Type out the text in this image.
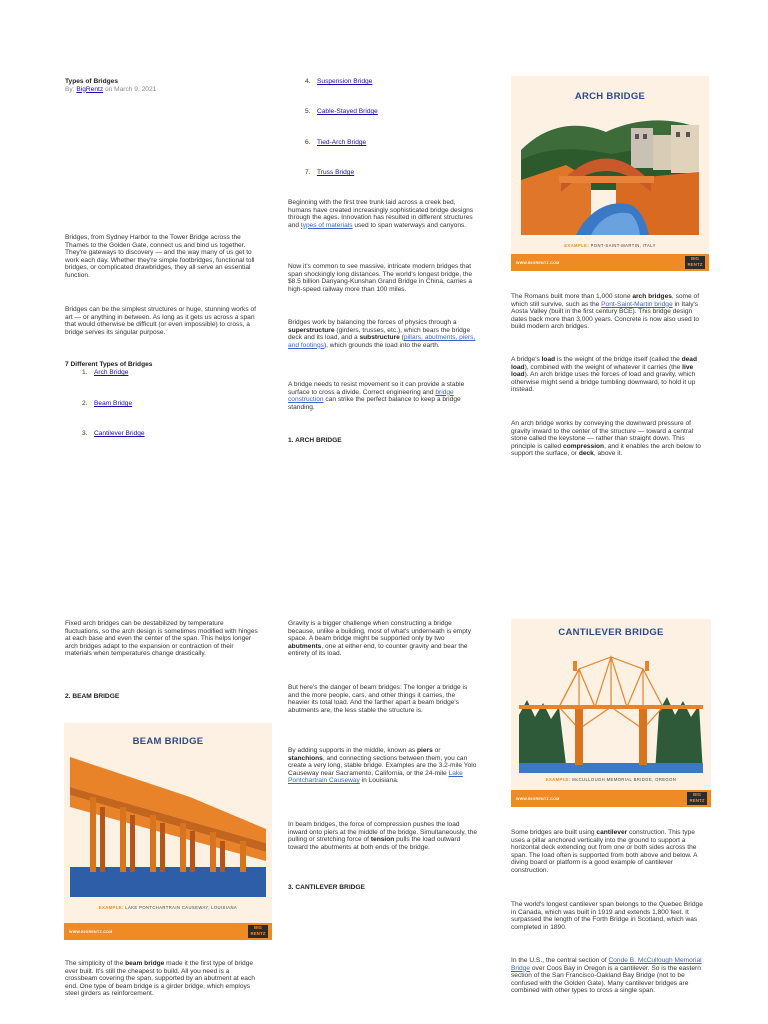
Types of Bridges

By: BigRentz on March 9, 2021

Bridges, from Sydney Harbor to the Tower Bridge across the Thames to the Golden Gate, connect us and bind us together. They're gateways to discovery — and the way many of us get to work each day. Whether they're simple footbridges, functional toll bridges, or complicated drawbridges, they all serve an essential function.

Bridges can be the simplest structures or huge, stunning works of art — or anything in between. As long as it gets us across a span that would otherwise be difficult (or even impossible) to cross, a bridge serves its singular purpose.

7 Different Types of Bridges

1. Arch Bridge
2. Beam Bridge
3. Cantilever Bridge
4. Suspension Bridge
5. Cable-Stayed Bridge
6. Tied-Arch Bridge
7. Truss Bridge

Beginning with the first tree trunk laid across a creek bed, humans have created increasingly sophisticated bridge designs through the ages. Innovation has resulted in different structures and types of materials used to span waterways and canyons.

Now it's common to see massive, intricate modern bridges that span shockingly long distances. The world's longest bridge, the $8.5 billion Danyang-Kunshan Grand Bridge in China, carries a high-speed railway more than 100 miles.

Bridges work by balancing the forces of physics through a superstructure (girders, trusses, etc.), which bears the bridge deck and its load, and a substructure (pillars, abutments, piers, and footings), which grounds the load into the earth.

A bridge needs to resist movement so it can provide a stable surface to cross a divide. Correct engineering and bridge construction can strike the perfect balance to keep a bridge standing.

1. ARCH BRIDGE

ARCH BRIDGE
EXAMPLE: PONT-SAINT-MARTIN, ITALY
WWW.BIGRENTZ.COM
BIG RENTZ

The Romans built more than 1,000 stone arch bridges, some of which still survive, such as the Pont-Saint-Martin bridge in Italy's Aosta Valley (built in the first century BCE). This bridge design dates back more than 3,000 years. Concrete is now also used to build modern arch bridges.

A bridge's load is the weight of the bridge itself (called the dead load), combined with the weight of whatever it carries (the live load). An arch bridge uses the forces of load and gravity, which otherwise might send a bridge tumbling downward, to hold it up instead.

An arch bridge works by conveying the downward pressure of gravity inward to the center of the structure — toward a central stone called the keystone — rather than straight down. This principle is called compression, and it enables the arch below to support the surface, or deck, above it.

Fixed arch bridges can be destabilized by temperature fluctuations, so the arch design is sometimes modified with hinges at each base and even the center of the span. This helps longer arch bridges adapt to the expansion or contraction of their materials when temperatures change drastically.

2. BEAM BRIDGE

BEAM BRIDGE
EXAMPLE: LAKE PONTCHARTRAIN CAUSEWAY, LOUISIANA
WWW.BIGRENTZ.COM
BIG RENTZ

The simplicity of the beam bridge made it the first type of bridge ever built. It's still the cheapest to build. All you need is a crossbeam covering the span, supported by an abutment at each end. One type of beam bridge is a girder bridge, which employs steel girders as reinforcement.

Gravity is a bigger challenge when constructing a bridge because, unlike a building, most of what's underneath is empty space. A beam bridge might be supported only by two abutments, one at either end, to counter gravity and bear the entirety of its load.

But here's the danger of beam bridges: The longer a bridge is and the more people, cars, and other things it carries, the heavier its total load. And the farther apart a beam bridge's abutments are, the less stable the structure is.

By adding supports in the middle, known as piers or stanchions, and connecting sections between them, you can create a very long, stable bridge. Examples are the 3.2-mile Yolo Causeway near Sacramento, California, or the 24-mile Lake Pontchartrain Causeway in Louisiana.

In beam bridges, the force of compression pushes the load inward onto piers at the middle of the bridge. Simultaneously, the pulling or stretching force of tension pulls the load outward toward the abutments at both ends of the bridge.

3. CANTILEVER BRIDGE

CANTILEVER BRIDGE
EXAMPLE: McCULLOUGH MEMORIAL BRIDGE, OREGON
WWW.BIGRENTZ.COM
BIG RENTZ

Some bridges are built using cantilever construction. This type uses a pillar anchored vertically into the ground to support a horizontal deck extending out from one or both sides across the span. The load often is supported from both above and below. A diving board or platform is a good example of cantilever construction.

The world's longest cantilever span belongs to the Quebec Bridge in Canada, which was built in 1919 and extends 1,800 feet. It surpassed the length of the Forth Bridge in Scotland, which was completed in 1890.

In the U.S., the central section of Conde B. McCullough Memorial Bridge over Coos Bay in Oregon is a cantilever. So is the eastern section of the San Francisco-Oakland Bay Bridge (not to be confused with the Golden Gate). Many cantilever bridges are combined with other types to cross a single span.
